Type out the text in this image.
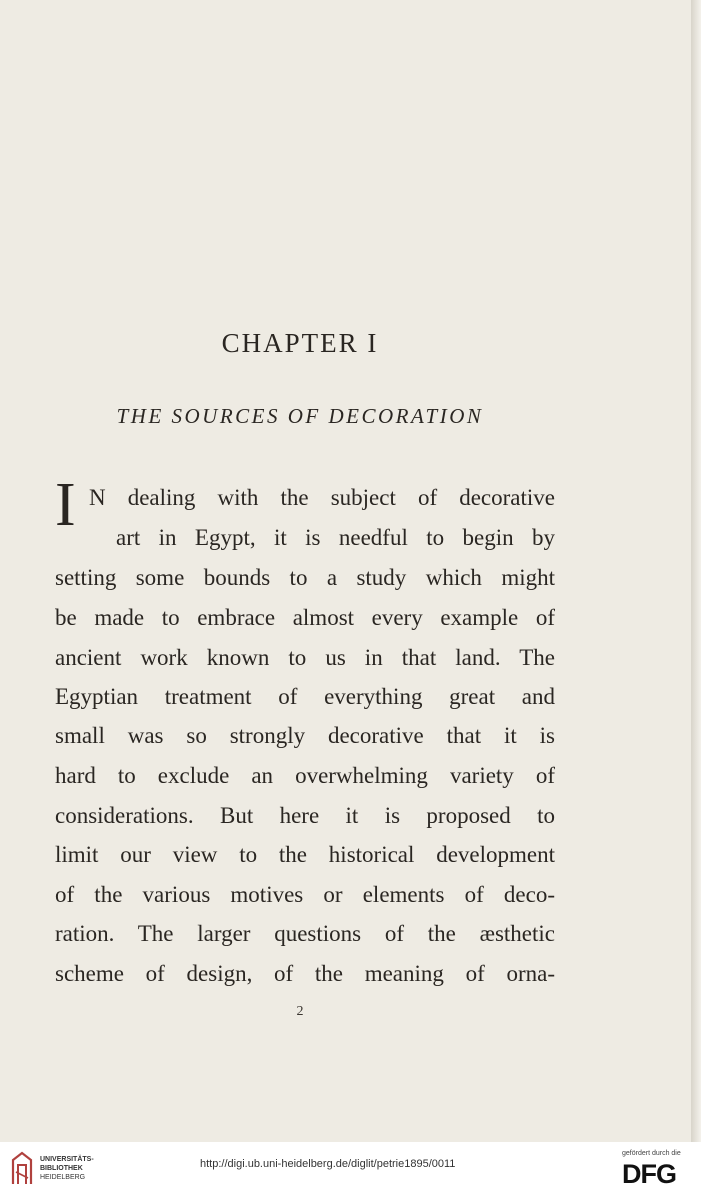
CHAPTER I
THE SOURCES OF DECORATION
I N dealing with the subject of decorative
art in Egypt, it is needful to begin by
setting some bounds to a study which might
be made to embrace almost every example of
ancient work known to us in that land. The
Egyptian treatment of everything great and
small was so strongly decorative that it is
hard to exclude an overwhelming variety of
considerations. But here it is proposed to
limit our view to the historical development
of the various motives or elements of deco-
ration. The larger questions of the æsthetic
scheme of design, of the meaning of orna-
2
UNIVERSITÄTS-
BIBLIOTHEK
HEIDELBERG
http://digi.ub.uni-heidelberg.de/diglit/petrie1895/0011
gefördert durch die
DFG
